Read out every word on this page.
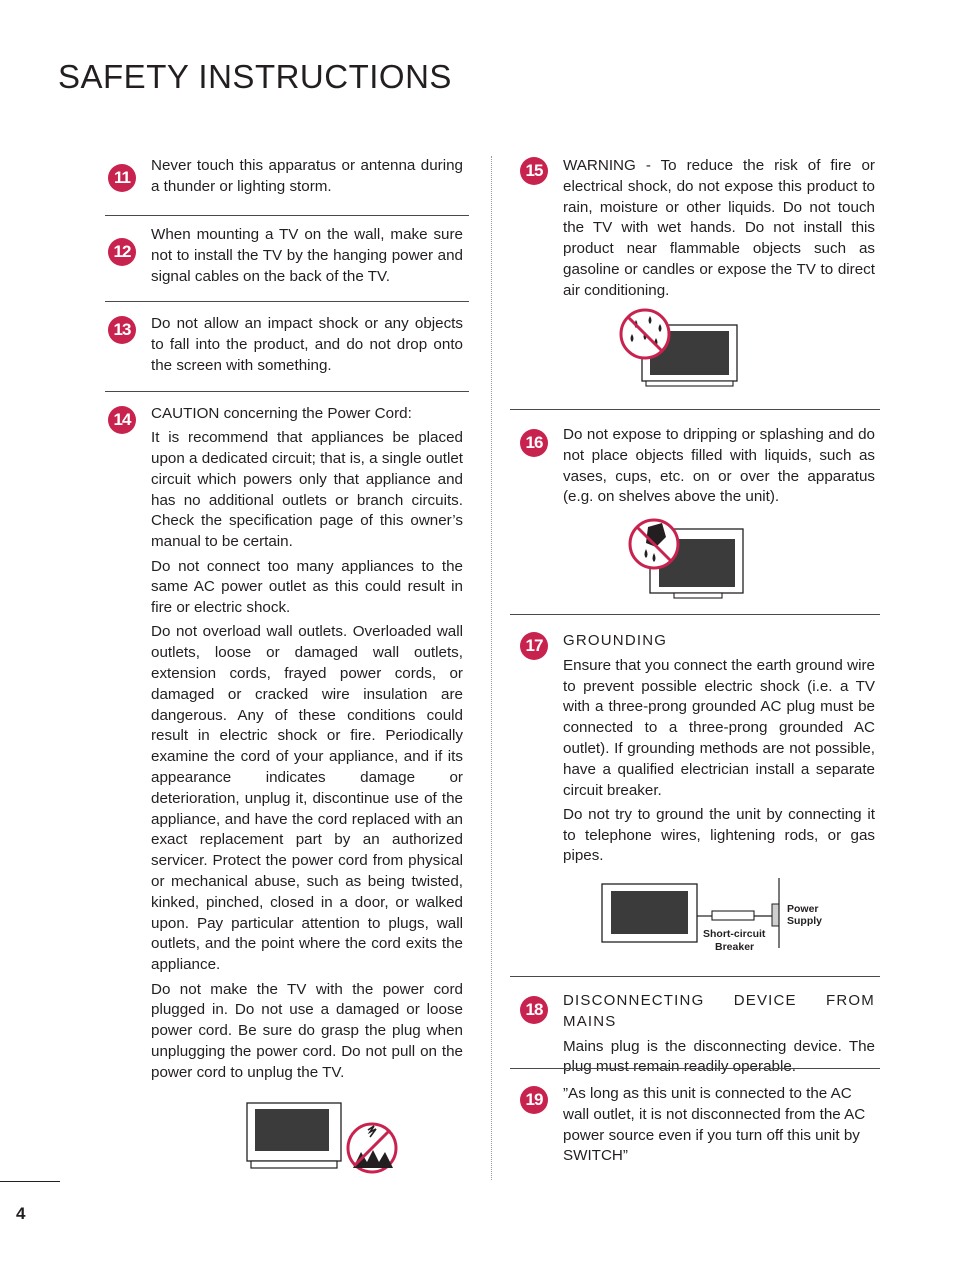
SAFETY INSTRUCTIONS
11

Never touch this apparatus or antenna during a thunder or lighting storm.

12

When mounting a TV on the wall, make sure not to install the TV by the hanging power and signal cables on the back of the TV.

13	Do not allow an impact shock or any objects to fall into the product, and do not drop onto the screen with something.

14	CAUTION concerning the Power Cord:

It is recommend that appliances be placed upon a dedicated circuit; that is, a single outlet circuit which powers only that appliance and has no additional outlets or branch circuits. Check the specification page of this owner’s manual to be certain.

Do not connect too many appliances to the same AC power outlet as this could result in fire or electric shock.

Do not overload wall outlets. Overloaded wall outlets, loose or damaged wall outlets, extension cords, frayed power cords, or damaged or cracked wire insulation are dangerous. Any of these conditions could result in electric shock or fire. Periodically examine the cord of your appliance, and if its appearance indicates damage or deterioration, unplug it, discontinue use of the appliance, and have the cord replaced with an exact replacement part by an authorized servicer. Protect the power cord from physical or mechanical abuse, such as being twisted, kinked, pinched, closed in a door, or walked upon. Pay particular attention to plugs, wall outlets, and the point where the cord exits the appliance.

Do not make the TV with the power cord plugged in. Do not use a damaged or loose power cord. Be sure do grasp the plug when unplugging the power cord. Do not pull on the power cord to unplug the TV.

15	WARNING - To reduce the risk of fire or electrical shock, do not expose this product to rain, moisture or other liquids. Do not touch the TV with wet hands. Do not install this product near flammable objects such as gasoline or candles or expose the TV to direct air conditioning.

16	Do not expose to dripping or splashing and do not place objects filled with liquids, such as vases, cups, etc. on or over the apparatus (e.g. on shelves above the unit).

17	GROUNDING

Ensure that you connect the earth ground wire to prevent possible electric shock (i.e. a TV with a three-prong grounded AC plug must be connected to a three-prong grounded AC outlet). If grounding methods are not possible, have a qualified electrician install a separate circuit breaker.

Do not try to ground the unit by connecting it to telephone wires, lightening rods, or gas pipes.

Short-circuit
Breaker
Power
Supply
18	DISCONNECTING DEVICE FROM MAINS

Mains plug is the disconnecting device. The plug must remain readily operable.

19	”As long as this unit is connected to the AC wall outlet, it is not disconnected from the AC power source even if you turn off this unit by SWITCH”

4
